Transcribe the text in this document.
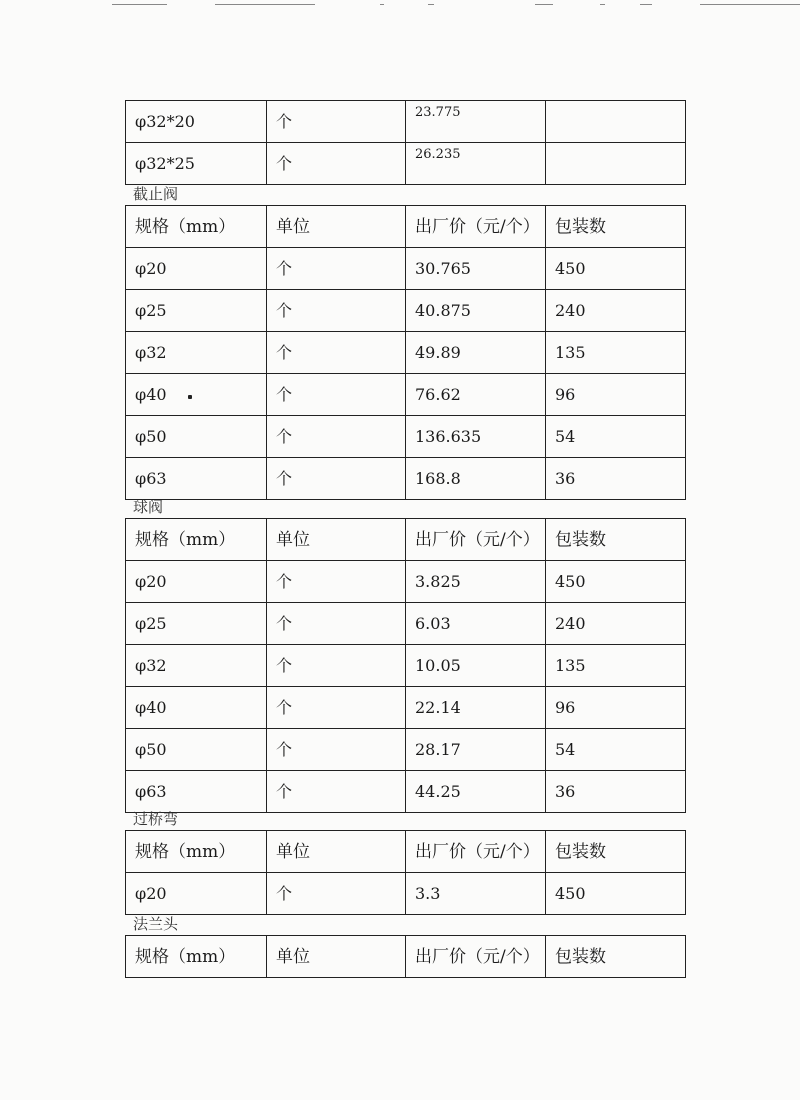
φ32*20	个	23.775	
φ32*25	个	26.235	
截止阀
规格（mm）	单位	出厂价（元/个）	包装数
φ20	个	30.765	450
φ25	个	40.875	240
φ32	个	49.89	135
φ40	个	76.62	96
φ50	个	136.635	54
φ63	个	168.8	36
球阀
规格（mm）	单位	出厂价（元/个）	包装数
φ20	个	3.825	450
φ25	个	6.03	240
φ32	个	10.05	135
φ40	个	22.14	96
φ50	个	28.17	54
φ63	个	44.25	36
过桥弯
规格（mm）	单位	出厂价（元/个）	包装数
φ20	个	3.3	450
法兰头
规格（mm）	单位	出厂价（元/个）	包装数
